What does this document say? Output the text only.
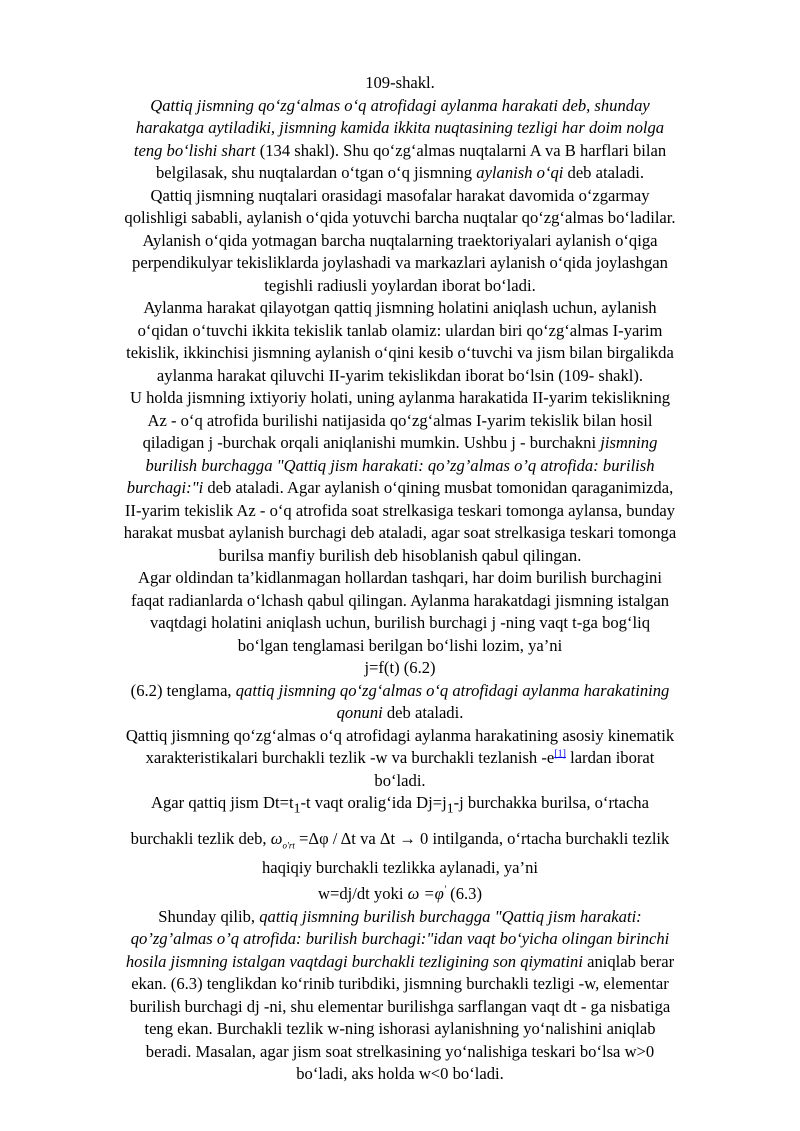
109-shakl.

Qattiq jismning qo‘zg‘almas o‘q atrofidagi aylanma harakati deb, shunday

harakatga aytiladiki, jismning kamida ikkita nuqtasining tezligi har doim nolga

teng bo‘lishi shart (134 shakl). Shu qo‘zg‘almas nuqtalarni A va B harflari bilan

belgilasak, shu nuqtalardan o‘tgan o‘q jismning aylanish o‘qi deb ataladi.

Qattiq jismning nuqtalari orasidagi masofalar harakat davomida o‘zgarmay

qolishligi sababli, aylanish o‘qida yotuvchi barcha nuqtalar qo‘zg‘almas bo‘ladilar.

Aylanish o‘qida yotmagan barcha nuqtalarning traektoriyalari aylanish o‘qiga

perpendikulyar tekisliklarda joylashadi va markazlari aylanish o‘qida joylashgan

tegishli radiusli yoylardan iborat bo‘ladi.

Aylanma harakat qilayotgan qattiq jismning holatini aniqlash uchun, aylanish

o‘qidan o‘tuvchi ikkita tekislik tanlab olamiz: ulardan biri qo‘zg‘almas I-yarim

tekislik, ikkinchisi jismning aylanish o‘qini kesib o‘tuvchi va jism bilan birgalikda

aylanma harakat qiluvchi II-yarim tekislikdan iborat bo‘lsin (109- shakl).

U holda jismning ixtiyoriy holati, uning aylanma harakatida II-yarim tekislikning

Az - o‘q atrofida burilishi natijasida qo‘zg‘almas I-yarim tekislik bilan hosil

qiladigan j -burchak orqali aniqlanishi mumkin. Ushbu j - burchakni jismning

burilish burchagga "Qattiq jism harakati: qo’zg’almas o’q atrofida: burilish

burchagi:"i deb ataladi. Agar aylanish o‘qining musbat tomonidan qaraganimizda,

II-yarim tekislik Az - o‘q atrofida soat strelkasiga teskari tomonga aylansa, bunday

harakat musbat aylanish burchagi deb ataladi, agar soat strelkasiga teskari tomonga

burilsa manfiy burilish deb hisoblanish qabul qilingan.

Agar oldindan ta’kidlanmagan hollardan tashqari, har doim burilish burchagini

faqat radianlarda o‘lchash qabul qilingan. Aylanma harakatdagi jismning istalgan

vaqtdagi holatini aniqlash uchun, burilish burchagi j -ning vaqt t-ga bog‘liq

bo‘lgan tenglamasi berilgan bo‘lishi lozim, ya’ni

j=f(t) (6.2)

(6.2) tenglama, qattiq jismning qo‘zg‘almas o‘q atrofidagi aylanma harakatining

qonuni deb ataladi.

Qattiq jismning qo‘zg‘almas o‘q atrofidagi aylanma harakatining asosiy kinematik

xarakteristikalari burchakli tezlik -w va burchakli tezlanish -e[1] lardan iborat

bo‘ladi.

Agar qattiq jism $Dt=t_1-t$ vaqt oralig‘ida $Dj=j_1-j$ burchakka burilsa, o‘rtacha

burchakli tezlik deb, $\omega_{o'rt} =\Delta\varphi / \Delta t$ va Δt → 0 intilganda, o‘rtacha burchakli tezlik

haqiqiy burchakli tezlikka aylanadi, ya’ni

w=dj/dt yoki ω =φ′ (6.3)

Shunday qilib, qattiq jismning burilish burchagga "Qattiq jism harakati:

qo’zg’almas o’q atrofida: burilish burchagi:"idan vaqt bo‘yicha olingan birinchi

hosila jismning istalgan vaqtdagi burchakli tezligining son qiymatini aniqlab berar

ekan. (6.3) tenglikdan ko‘rinib turibdiki, jismning burchakli tezligi -w, elementar

burilish burchagi dj -ni, shu elementar burilishga sarflangan vaqt dt - ga nisbatiga

teng ekan. Burchakli tezlik w-ning ishorasi aylanishning yo‘nalishini aniqlab

beradi. Masalan, agar jism soat strelkasining yo‘nalishiga teskari bo‘lsa w>0

bo‘ladi, aks holda w<0 bo‘ladi.
